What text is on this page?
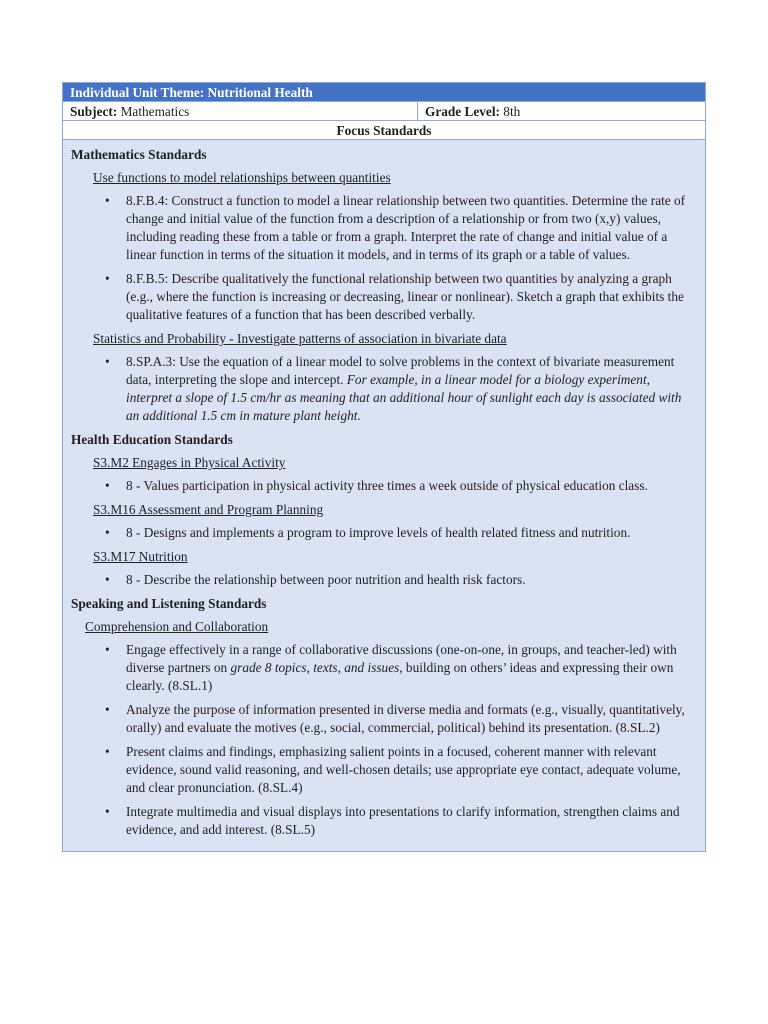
Individual Unit Theme: Nutritional Health
Subject: Mathematics	Grade Level: 8th
Focus Standards
Mathematics Standards
Use functions to model relationships between quantities
• 8.F.B.4: Construct a function to model a linear relationship between two quantities. Determine the rate of change and initial value of the function from a description of a relationship or from two (x,y) values, including reading these from a table or from a graph. Interpret the rate of change and initial value of a linear function in terms of the situation it models, and in terms of its graph or a table of values.
• 8.F.B.5: Describe qualitatively the functional relationship between two quantities by analyzing a graph (e.g., where the function is increasing or decreasing, linear or nonlinear). Sketch a graph that exhibits the qualitative features of a function that has been described verbally.
Statistics and Probability - Investigate patterns of association in bivariate data
• 8.SP.A.3: Use the equation of a linear model to solve problems in the context of bivariate measurement data, interpreting the slope and intercept. For example, in a linear model for a biology experiment, interpret a slope of 1.5 cm/hr as meaning that an additional hour of sunlight each day is associated with an additional 1.5 cm in mature plant height.
Health Education Standards
S3.M2 Engages in Physical Activity
• 8 - Values participation in physical activity three times a week outside of physical education class.
S3.M16 Assessment and Program Planning
• 8 - Designs and implements a program to improve levels of health related fitness and nutrition.
S3.M17 Nutrition
• 8 - Describe the relationship between poor nutrition and health risk factors.
Speaking and Listening Standards
Comprehension and Collaboration
• Engage effectively in a range of collaborative discussions (one-on-one, in groups, and teacher-led) with diverse partners on grade 8 topics, texts, and issues, building on others’ ideas and expressing their own clearly. (8.SL.1)
• Analyze the purpose of information presented in diverse media and formats (e.g., visually, quantitatively, orally) and evaluate the motives (e.g., social, commercial, political) behind its presentation. (8.SL.2)
• Present claims and findings, emphasizing salient points in a focused, coherent manner with relevant evidence, sound valid reasoning, and well-chosen details; use appropriate eye contact, adequate volume, and clear pronunciation. (8.SL.4)
• Integrate multimedia and visual displays into presentations to clarify information, strengthen claims and evidence, and add interest. (8.SL.5)
